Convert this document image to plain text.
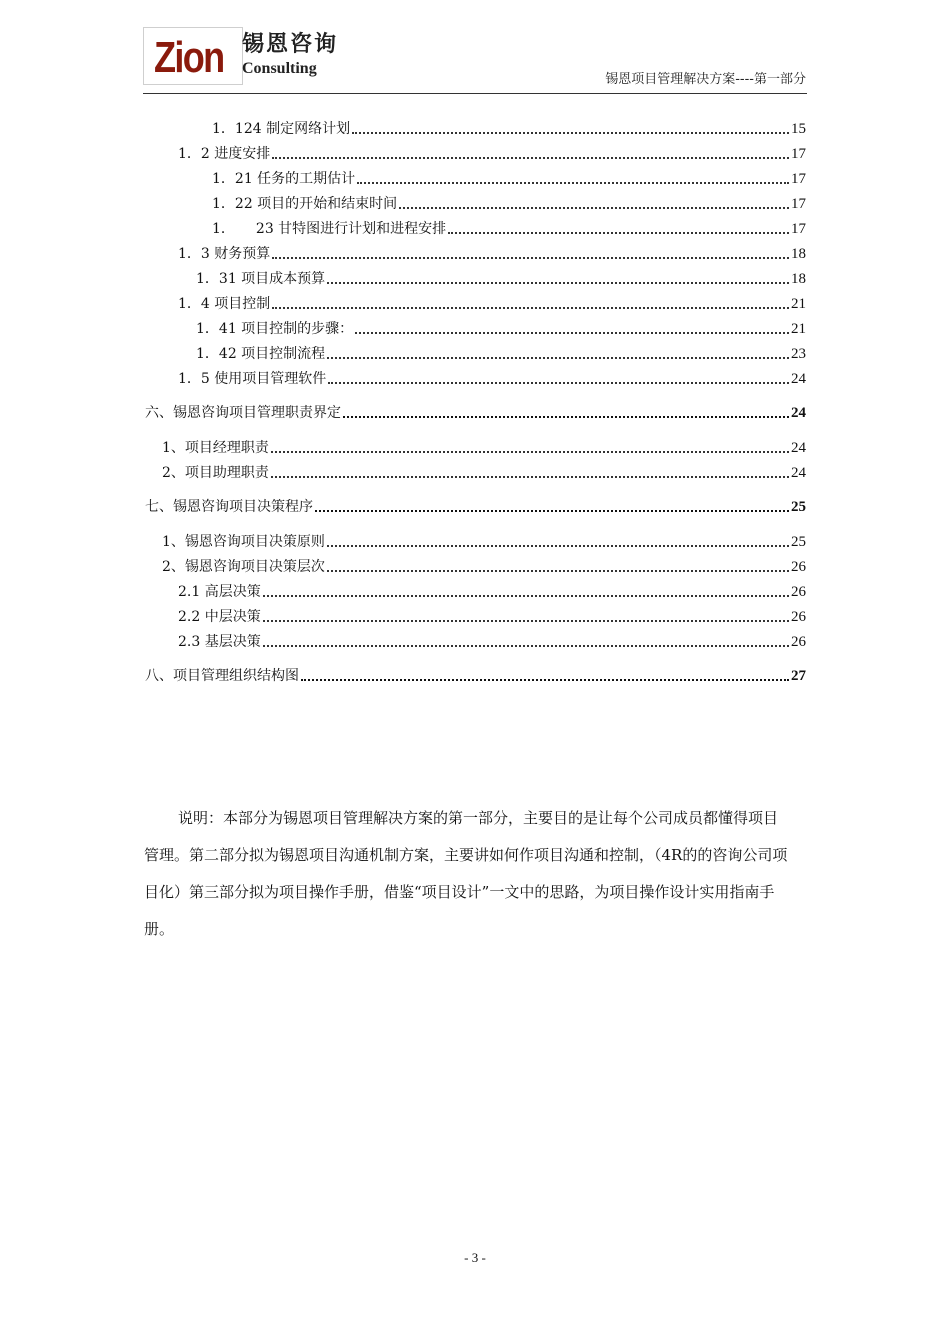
Zion 锡恩咨询
Consulting
锡恩项目管理解决方案----第一部分
1．124 制定网络计划	15
1．2 进度安排	17
1．21 任务的工期估计	17
1．22 项目的开始和结束时间	17
1．　　23 甘特图进行计划和进程安排	17
1．3 财务预算	18
1．31 项目成本预算	18
1．4 项目控制	21
1．41 项目控制的步骤：	21
1．42 项目控制流程	23
1．5 使用项目管理软件	24
六、锡恩咨询项目管理职责界定	24
1、项目经理职责	24
2、项目助理职责	24
七、锡恩咨询项目决策程序	25
1、锡恩咨询项目决策原则	25
2、锡恩咨询项目决策层次	26
2.1 高层决策	26
2.2 中层决策	26
2.3 基层决策	26
八、项目管理组织结构图	27
说明：本部分为锡恩项目管理解决方案的第一部分，主要目的是让每个公司成员都懂得项目管理。第二部分拟为锡恩项目沟通机制方案，主要讲如何作项目沟通和控制，（4R的的咨询公司项目化）第三部分拟为项目操作手册，借鉴“项目设计”一文中的思路，为项目操作设计实用指南手册。
- 3 -
